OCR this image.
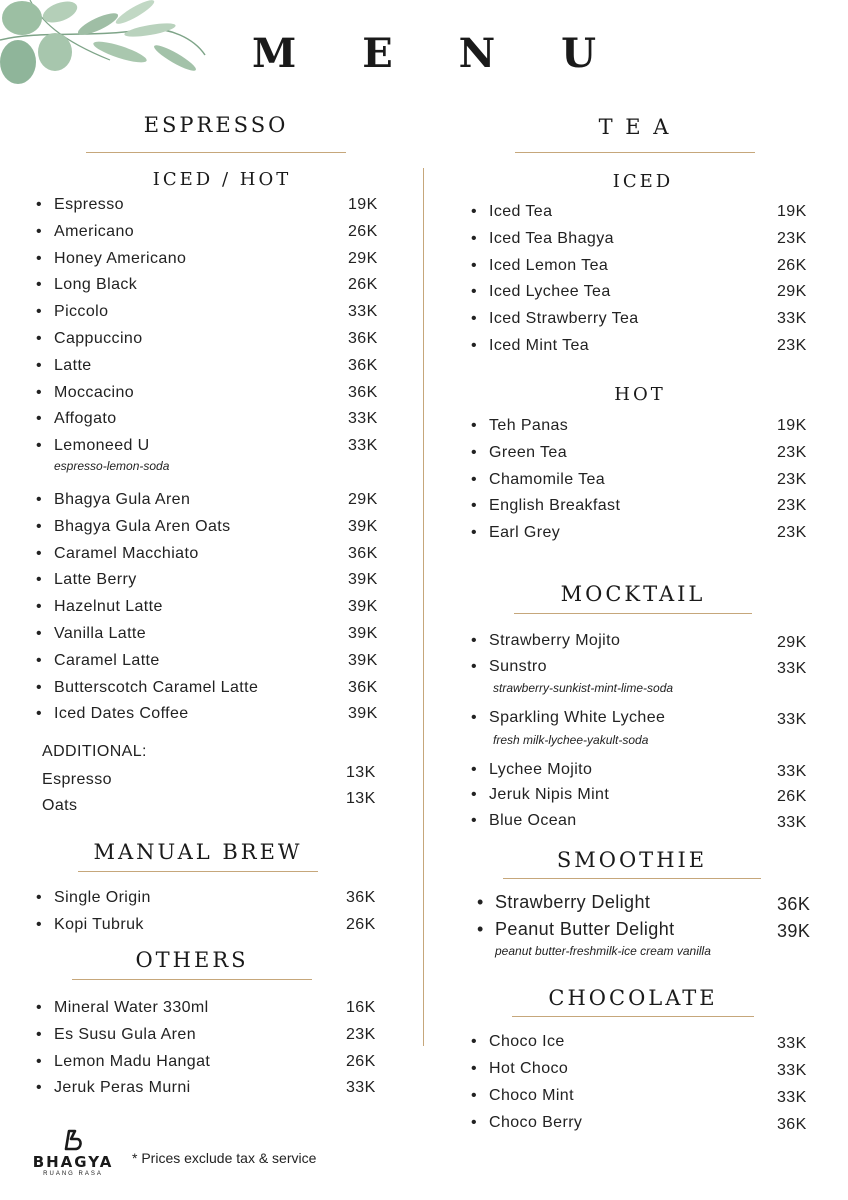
M E N U
ESPRESSO
ICED / HOT
• Espresso	19K
• Americano	26K
• Honey Americano	29K
• Long Black	26K
• Piccolo	33K
• Cappuccino	36K
• Latte	36K
• Moccacino	36K
• Affogato	33K
• Lemoneed U	33K
espresso-lemon-soda
• Bhagya Gula Aren	29K
• Bhagya Gula Aren Oats	39K
• Caramel Macchiato	36K
• Latte Berry	39K
• Hazelnut Latte	39K
• Vanilla Latte	39K
• Caramel Latte	39K
• Butterscotch Caramel Latte	36K
• Iced Dates Coffee	39K
ADDITIONAL:
Espresso	13K
Oats	13K
MANUAL BREW
• Single Origin	36K
• Kopi Tubruk	26K
OTHERS
• Mineral Water 330ml	16K
• Es Susu Gula Aren	23K
• Lemon Madu Hangat	26K
• Jeruk Peras Murni	33K
T E A
ICED
• Iced Tea	19K
• Iced Tea Bhagya	23K
• Iced Lemon Tea	26K
• Iced Lychee Tea	29K
• Iced Strawberry Tea	33K
• Iced Mint Tea	23K
HOT
• Teh Panas	19K
• Green Tea	23K
• Chamomile Tea	23K
• English Breakfast	23K
• Earl Grey	23K
MOCKTAIL
• Strawberry Mojito	29K
• Sunstro	33K
strawberry-sunkist-mint-lime-soda
• Sparkling White Lychee	33K
fresh milk-lychee-yakult-soda
• Lychee Mojito	33K
• Jeruk Nipis Mint	26K
• Blue Ocean	33K
SMOOTHIE
• Strawberry Delight	36K
• Peanut Butter Delight	39K
peanut butter-freshmilk-ice cream vanilla
CHOCOLATE
• Choco Ice	33K
• Hot Choco	33K
• Choco Mint	33K
• Choco Berry	36K
BHAGYA
RUANG RASA
* Prices exclude tax & service
